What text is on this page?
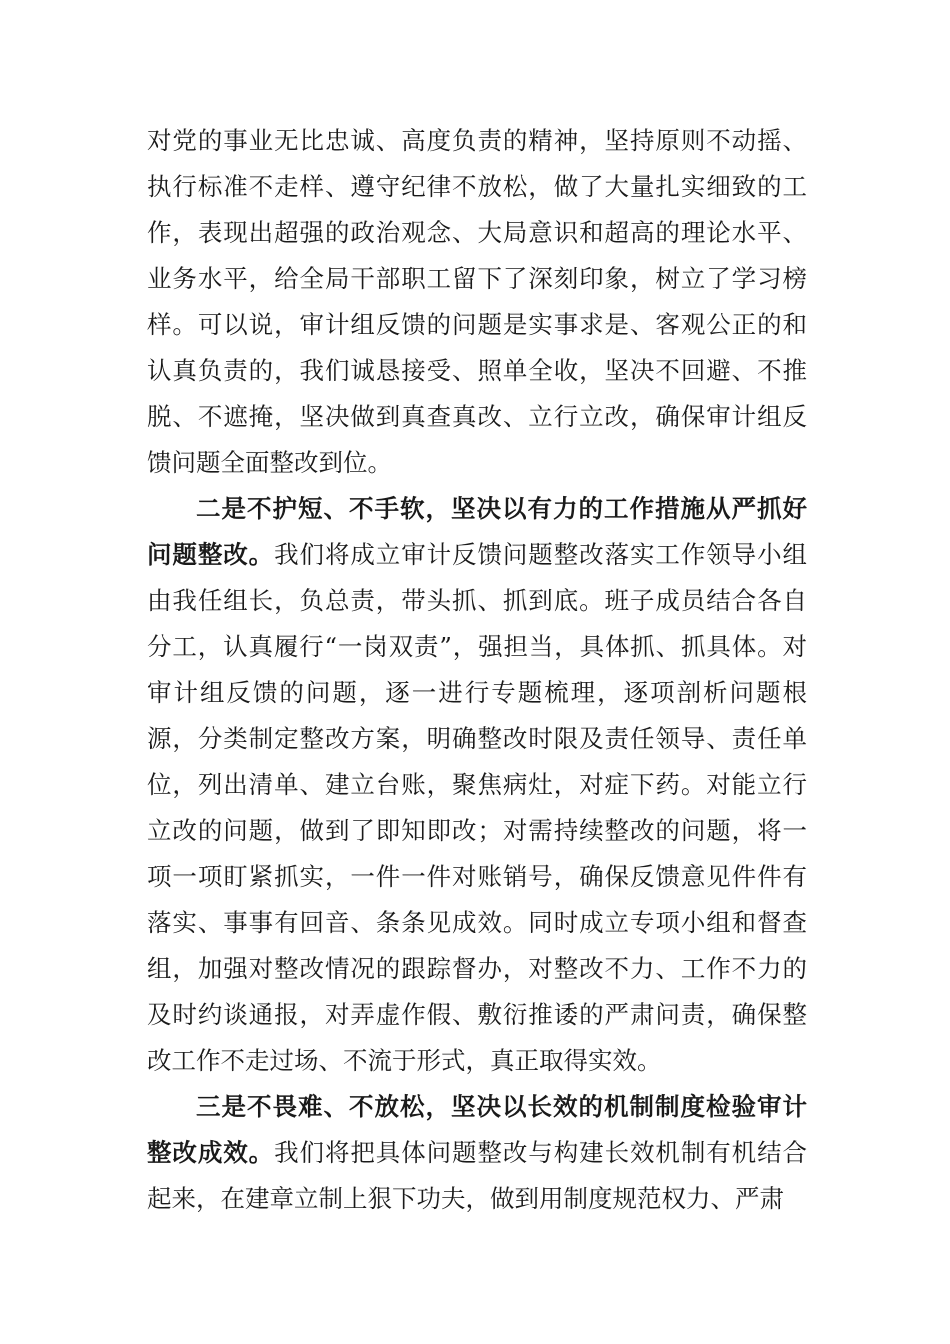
对党的事业无比忠诚、高度负责的精神，坚持原则不动摇、执行标准不走样、遵守纪律不放松，做了大量扎实细致的工作，表现出超强的政治观念、大局意识和超高的理论水平、业务水平，给全局干部职工留下了深刻印象，树立了学习榜样。可以说，审计组反馈的问题是实事求是、客观公正的和认真负责的，我们诚恳接受、照单全收，坚决不回避、不推脱、不遮掩，坚决做到真查真改、立行立改，确保审计组反馈问题全面整改到位。

二是不护短、不手软，坚决以有力的工作措施从严抓好问题整改。我们将成立审计反馈问题整改落实工作领导小组由我任组长，负总责，带头抓、抓到底。班子成员结合各自分工，认真履行“一岗双责”，强担当，具体抓、抓具体。对审计组反馈的问题，逐一进行专题梳理，逐项剖析问题根源，分类制定整改方案，明确整改时限及责任领导、责任单位，列出清单、建立台账，聚焦病灶，对症下药。对能立行立改的问题，做到了即知即改；对需持续整改的问题，将一项一项盯紧抓实，一件一件对账销号，确保反馈意见件件有落实、事事有回音、条条见成效。同时成立专项小组和督查组，加强对整改情况的跟踪督办，对整改不力、工作不力的及时约谈通报，对弄虚作假、敷衍推诿的严肃问责，确保整改工作不走过场、不流于形式，真正取得实效。

三是不畏难、不放松，坚决以长效的机制制度检验审计整改成效。我们将把具体问题整改与构建长效机制有机结合起来，在建章立制上狠下功夫，做到用制度规范权力、严肃
